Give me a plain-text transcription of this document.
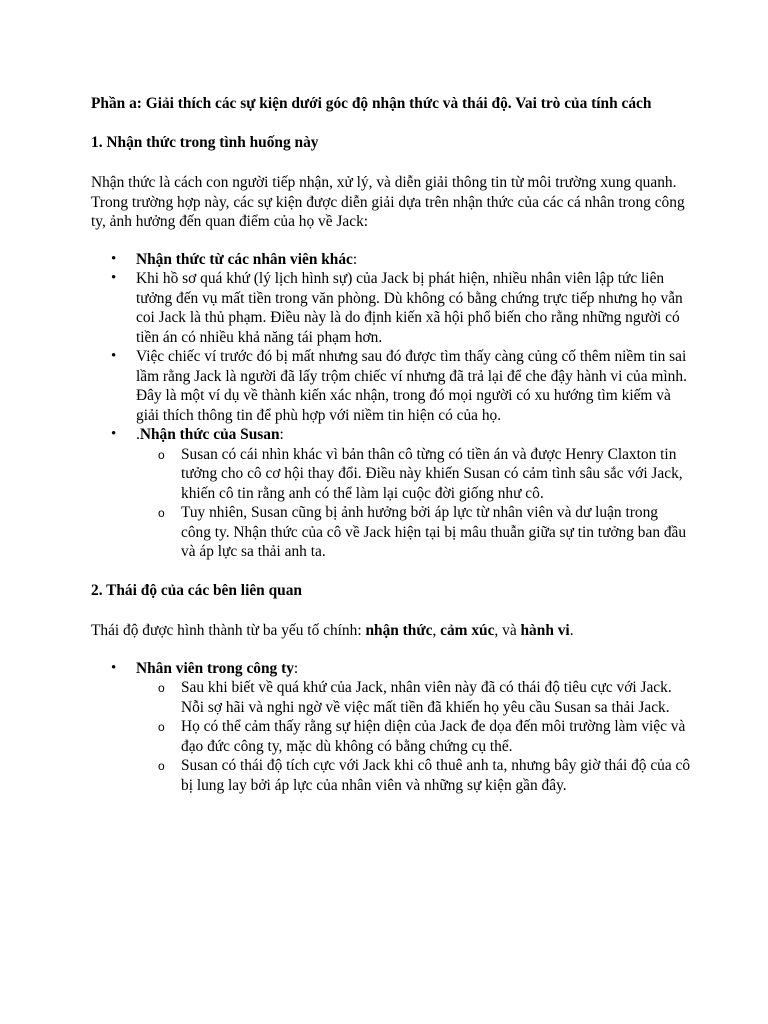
Phần a: Giải thích các sự kiện dưới góc độ nhận thức và thái độ. Vai trò của tính cách

1. Nhận thức trong tình huống này

Nhận thức là cách con người tiếp nhận, xử lý, và diễn giải thông tin từ môi trường xung quanh. Trong trường hợp này, các sự kiện được diễn giải dựa trên nhận thức của các cá nhân trong công ty, ảnh hưởng đến quan điểm của họ về Jack:

• Nhận thức từ các nhân viên khác:
• Khi hồ sơ quá khứ (lý lịch hình sự) của Jack bị phát hiện, nhiều nhân viên lập tức liên tưởng đến vụ mất tiền trong văn phòng. Dù không có bằng chứng trực tiếp nhưng họ vẫn coi Jack là thủ phạm. Điều này là do định kiến xã hội phổ biến cho rằng những người có tiền án có nhiều khả năng tái phạm hơn.
• Việc chiếc ví trước đó bị mất nhưng sau đó được tìm thấy càng củng cố thêm niềm tin sai lầm rằng Jack là người đã lấy trộm chiếc ví nhưng đã trả lại để che đậy hành vi của mình. Đây là một ví dụ về thành kiến xác nhận, trong đó mọi người có xu hướng tìm kiếm và giải thích thông tin để phù hợp với niềm tin hiện có của họ.
• .Nhận thức của Susan:
o Susan có cái nhìn khác vì bản thân cô từng có tiền án và được Henry Claxton tin tưởng cho cô cơ hội thay đổi. Điều này khiến Susan có cảm tình sâu sắc với Jack, khiến cô tin rằng anh có thể làm lại cuộc đời giống như cô.
o Tuy nhiên, Susan cũng bị ảnh hưởng bởi áp lực từ nhân viên và dư luận trong công ty. Nhận thức của cô về Jack hiện tại bị mâu thuẫn giữa sự tin tưởng ban đầu và áp lực sa thải anh ta.

2. Thái độ của các bên liên quan

Thái độ được hình thành từ ba yếu tố chính: nhận thức, cảm xúc, và hành vi.

• Nhân viên trong công ty:
o Sau khi biết về quá khứ của Jack, nhân viên này đã có thái độ tiêu cực với Jack. Nỗi sợ hãi và nghi ngờ về việc mất tiền đã khiến họ yêu cầu Susan sa thải Jack.
o Họ có thể cảm thấy rằng sự hiện diện của Jack đe dọa đến môi trường làm việc và đạo đức công ty, mặc dù không có bằng chứng cụ thể.
o Susan có thái độ tích cực với Jack khi cô thuê anh ta, nhưng bây giờ thái độ của cô bị lung lay bởi áp lực của nhân viên và những sự kiện gần đây.
